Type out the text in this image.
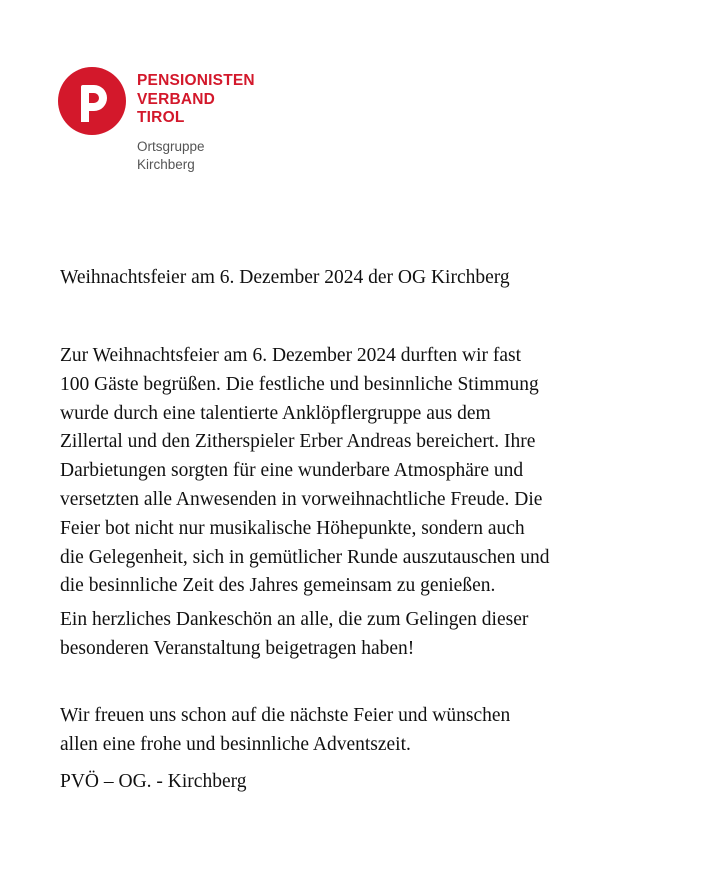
PENSIONISTEN
VERBAND
TIROL
Ortsgruppe
Kirchberg
Weihnachtsfeier am 6. Dezember 2024 der OG Kirchberg

Zur Weihnachtsfeier am 6. Dezember 2024 durften wir fast
100 Gäste begrüßen. Die festliche und besinnliche Stimmung
wurde durch eine talentierte Anklöpflergruppe aus dem
Zillertal und den Zitherspieler Erber Andreas bereichert. Ihre
Darbietungen sorgten für eine wunderbare Atmosphäre und
versetzten alle Anwesenden in vorweihnachtliche Freude. Die
Feier bot nicht nur musikalische Höhepunkte, sondern auch
die Gelegenheit, sich in gemütlicher Runde auszutauschen und
die besinnliche Zeit des Jahres gemeinsam zu genießen.

Ein herzliches Dankeschön an alle, die zum Gelingen dieser
besonderen Veranstaltung beigetragen haben!

Wir freuen uns schon auf die nächste Feier und wünschen
allen eine frohe und besinnliche Adventszeit.

PVÖ – OG. - Kirchberg
